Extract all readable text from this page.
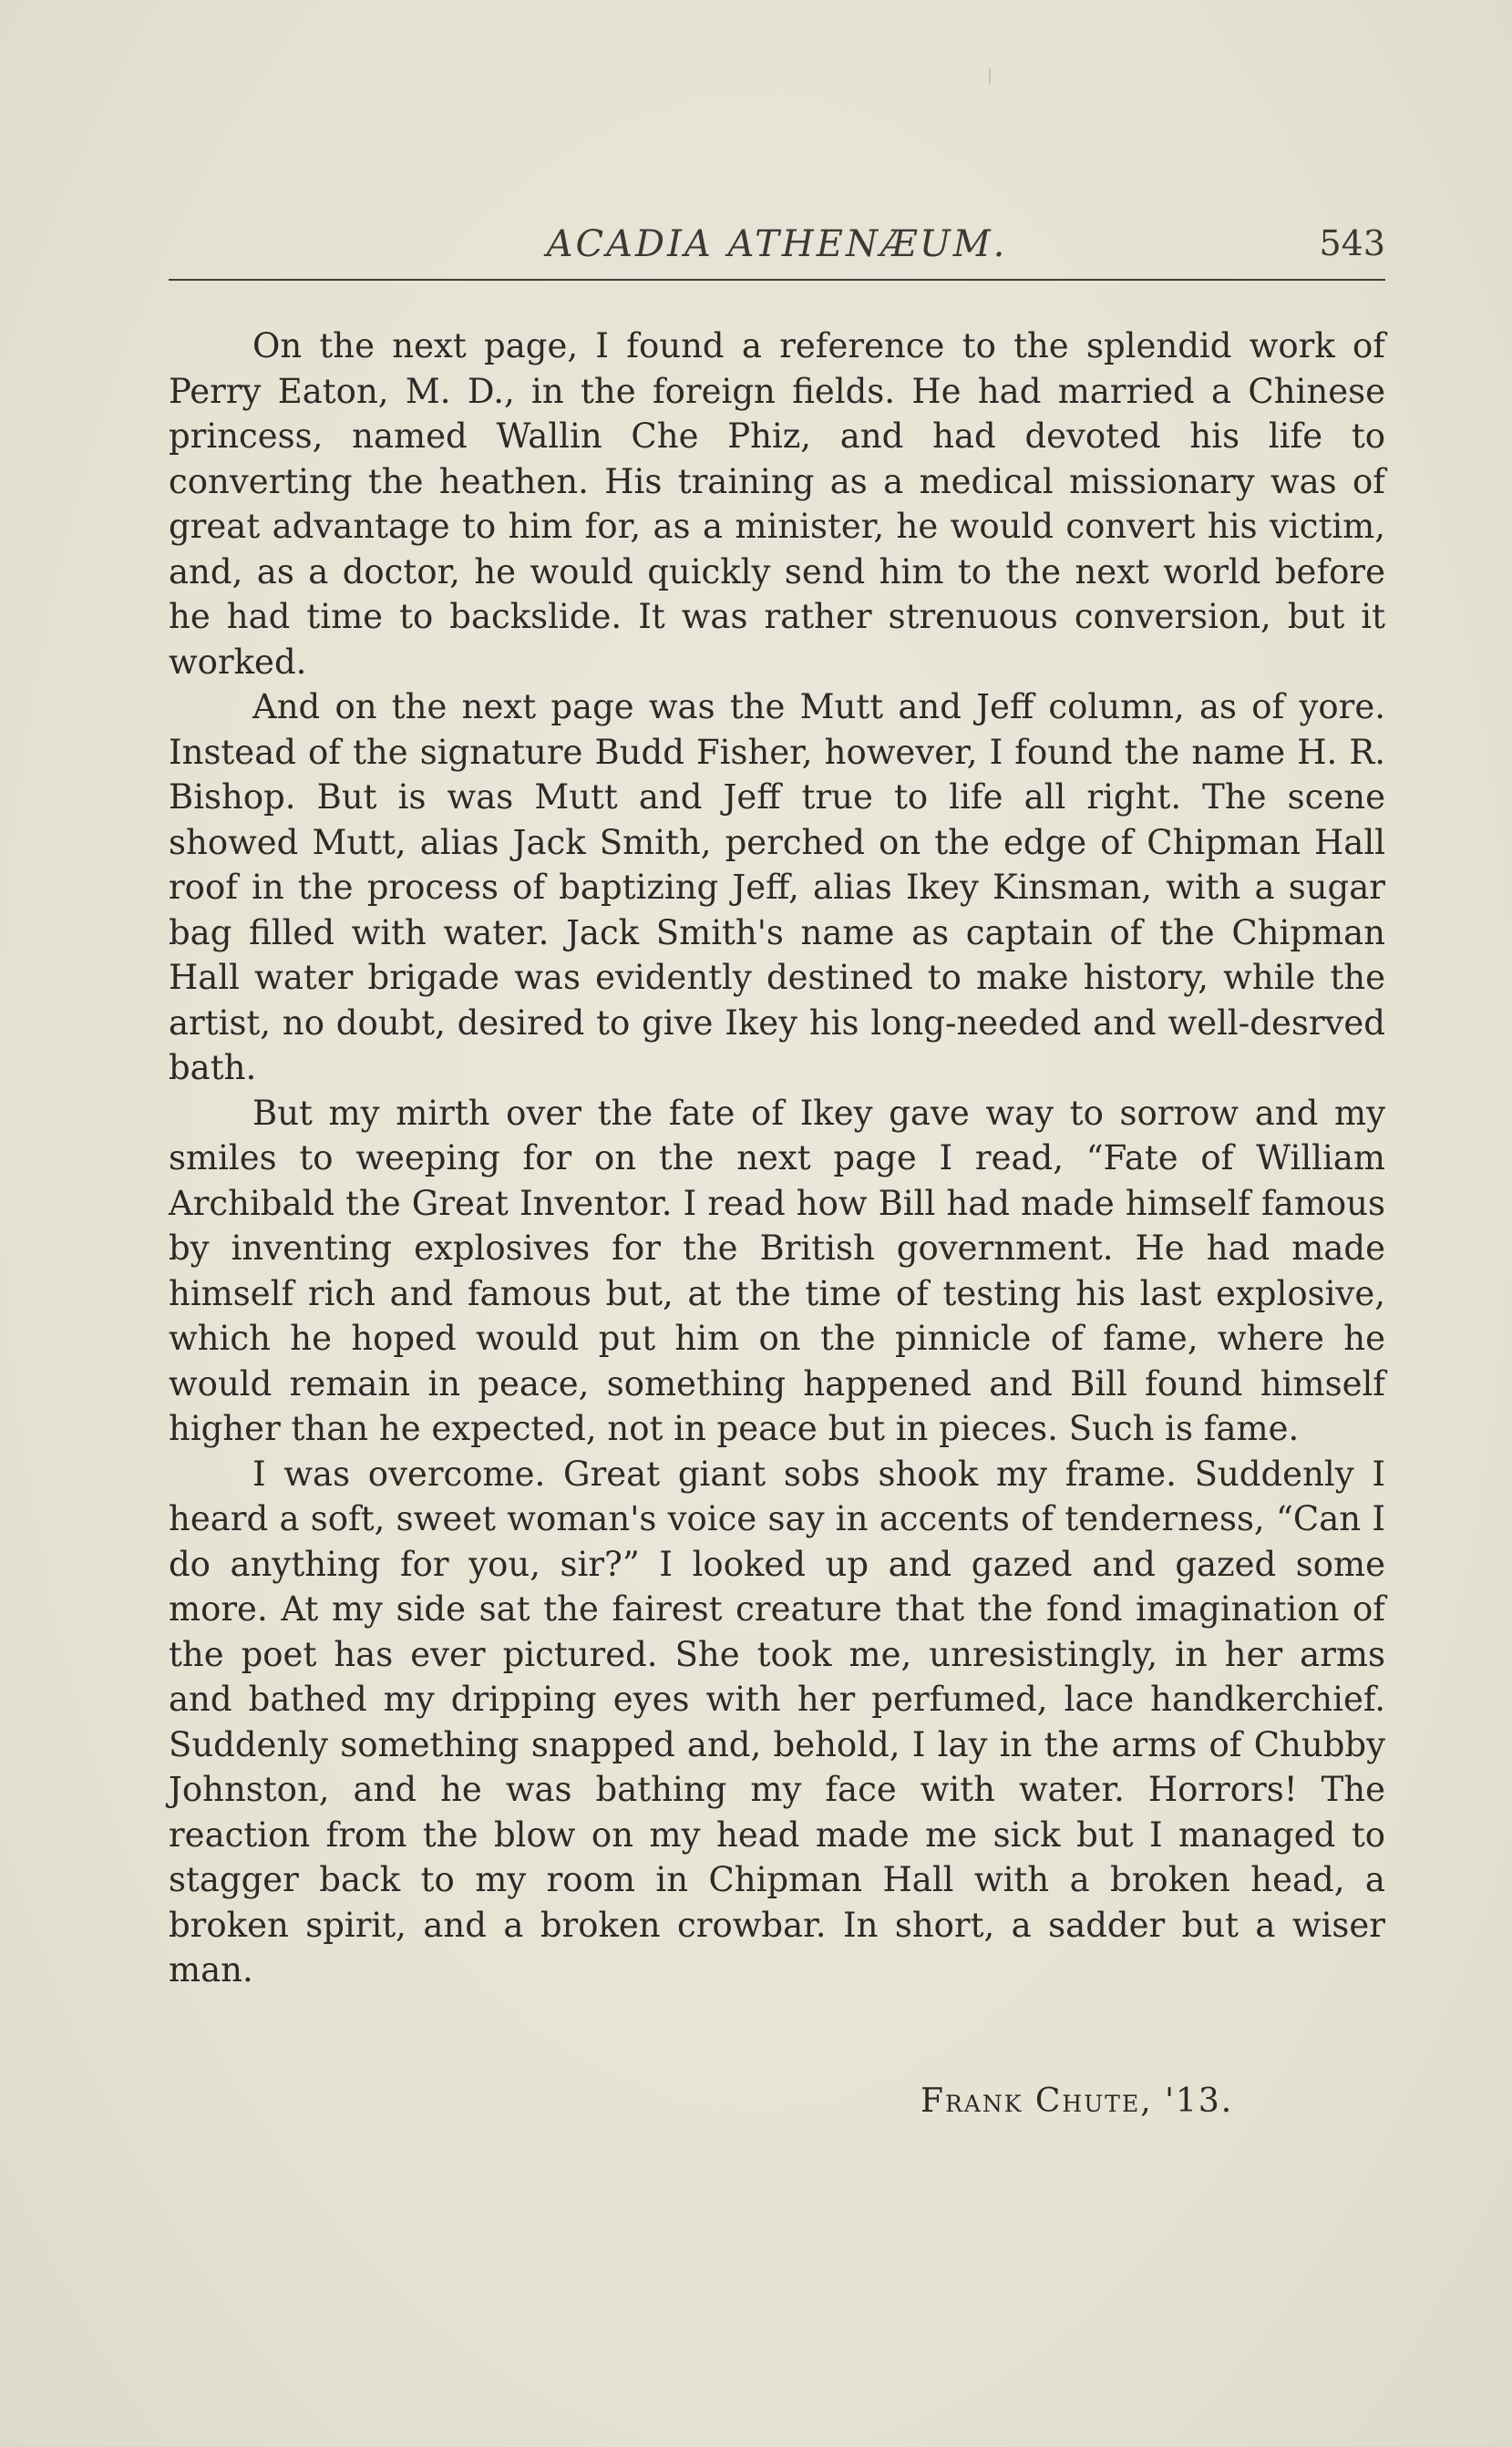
ACADIA ATHENÆUM.	543

On the next page, I found a reference to the splendid work of Perry Eaton, M. D., in the foreign fields. He had married a Chinese princess, named Wallin Che Phiz, and had devoted his life to converting the heathen. His training as a medical missionary was of great advantage to him for, as a minister, he would convert his victim, and, as a doctor, he would quickly send him to the next world before he had time to backslide. It was rather strenuous conversion, but it worked.

And on the next page was the Mutt and Jeff column, as of yore. Instead of the signature Budd Fisher, however, I found the name H. R. Bishop. But is was Mutt and Jeff true to life all right. The scene showed Mutt, alias Jack Smith, perched on the edge of Chipman Hall roof in the process of baptizing Jeff, alias Ikey Kinsman, with a sugar bag filled with water. Jack Smith's name as captain of the Chipman Hall water brigade was evidently destined to make history, while the artist, no doubt, desired to give Ikey his long-needed and well-desrved bath.

But my mirth over the fate of Ikey gave way to sorrow and my smiles to weeping for on the next page I read, “Fate of William Archibald the Great Inventor. I read how Bill had made himself famous by inventing explosives for the British government. He had made himself rich and famous but, at the time of testing his last explosive, which he hoped would put him on the pinnicle of fame, where he would remain in peace, something happened and Bill found himself higher than he expected, not in peace but in pieces. Such is fame.

I was overcome. Great giant sobs shook my frame. Suddenly I heard a soft, sweet woman's voice say in accents of tenderness, “Can I do anything for you, sir?” I looked up and gazed and gazed some more. At my side sat the fairest creature that the fond imagination of the poet has ever pictured. She took me, unresistingly, in her arms and bathed my dripping eyes with her perfumed, lace handkerchief. Suddenly something snapped and, behold, I lay in the arms of Chubby Johnston, and he was bathing my face with water. Horrors! The reaction from the blow on my head made me sick but I managed to stagger back to my room in Chipman Hall with a broken head, a broken spirit, and a broken crowbar. In short, a sadder but a wiser man.

Frank Chute, '13.
